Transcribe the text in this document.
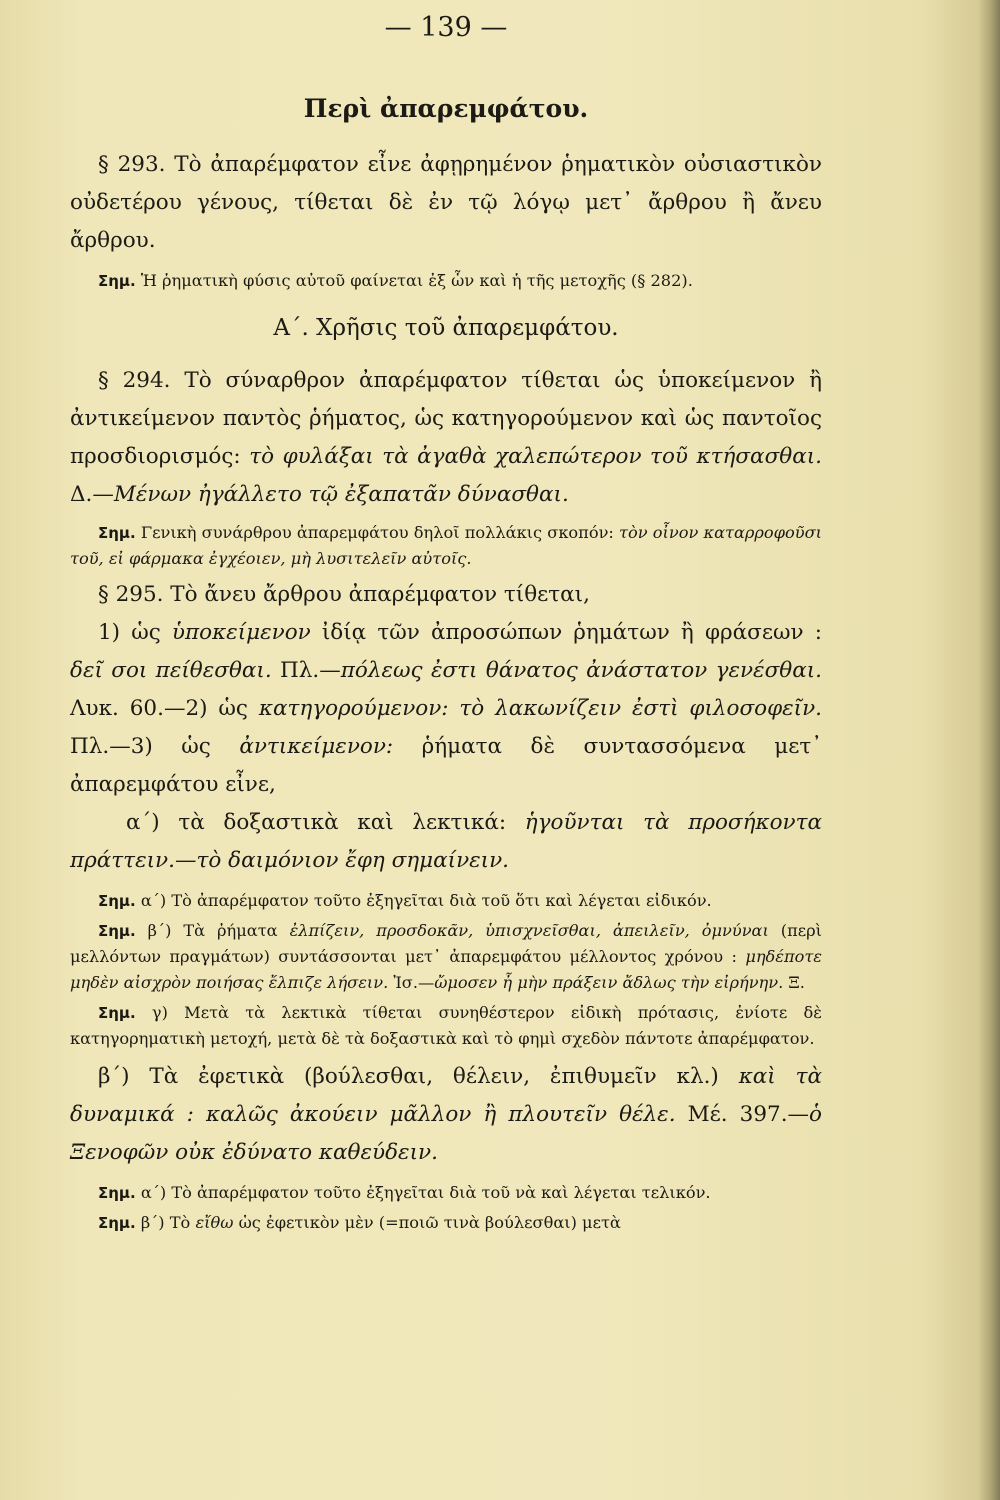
— 139 —
Περὶ ἀπαρεμφάτου.

§ 293. Τὸ ἀπαρέμφατον εἶνε ἀφῃρημένον ῥηματικὸν οὐσιαστικὸν οὐδετέρου γένους, τίθεται δὲ ἐν τῷ λόγῳ μετ᾿ ἄρθρου ἢ ἄνευ ἄρθρου.

Σημ. Ἡ ῥηματικὴ φύσις αὐτοῦ φαίνεται ἐξ ὧν καὶ ἡ τῆς μετοχῆς (§ 282).

Α΄. Χρῆσις τοῦ ἀπαρεμφάτου.

§ 294. Τὸ σύναρθρον ἀπαρέμφατον τίθεται ὡς ὑποκείμενον ἢ ἀντικείμενον παντὸς ῥήματος, ὡς κατηγορούμενον καὶ ὡς παντοῖος προσδιορισμός: τὸ φυλάξαι τὰ ἀγαθὰ χαλεπώτερον τοῦ κτήσασθαι. Δ.—Μένων ἠγάλλετο τῷ ἐξαπατᾶν δύνασθαι.

Σημ. Γενικὴ συνάρθρου ἀπαρεμφάτου δηλοῖ πολλάκις σκοπόν: τὸν οἶνον καταρροφοῦσι τοῦ, εἰ φάρμακα ἐγχέοιεν, μὴ λυσιτελεῖν αὐτοῖς.

§ 295. Τὸ ἄνευ ἄρθρου ἀπαρέμφατον τίθεται,

1) ὡς ὑποκείμενον ἰδίᾳ τῶν ἀπροσώπων ῥημάτων ἢ φράσεων : δεῖ σοι πείθεσθαι. Πλ.—πόλεως ἐστι θάνατος ἀνάστατον γενέσθαι. Λυκ. 60.—2) ὡς κατηγορούμενον: τὸ λακωνίζειν ἐστὶ φιλοσοφεῖν. Πλ.—3) ὡς ἀντικείμενον: ῥήματα δὲ συντασσόμενα μετ᾿ ἀπαρεμφάτου εἶνε,

α΄) τὰ δοξαστικὰ καὶ λεκτικά: ἡγοῦνται τὰ προσήκοντα πράττειν.—τὸ δαιμόνιον ἔφη σημαίνειν.

Σημ. α΄) Τὸ ἀπαρέμφατον τοῦτο ἐξηγεῖται διὰ τοῦ ὅτι καὶ λέγεται εἰδικόν.

Σημ. β΄) Τὰ ῥήματα ἐλπίζειν, προσδοκᾶν, ὑπισχνεῖσθαι, ἀπειλεῖν, ὀμνύναι (περὶ μελλόντων πραγμάτων) συντάσσονται μετ᾿ ἀπαρεμφάτου μέλλοντος χρόνου : μηδέποτε μηδὲν αἰσχρὸν ποιήσας ἔλπιζε λήσειν. Ἰσ.—ὤμοσεν ἦ μὴν πράξειν ἄδλως τὴν εἰρήνην. Ξ.

Σημ. γ) Μετὰ τὰ λεκτικὰ τίθεται συνηθέστερον εἰδικὴ πρότασις, ἐνίοτε δὲ κατηγορηματικὴ μετοχή, μετὰ δὲ τὰ δοξαστικὰ καὶ τὸ φημὶ σχεδὸν πάντοτε ἀπαρέμφατον.

β΄) Τὰ ἐφετικὰ (βούλεσθαι, θέλειν, ἐπιθυμεῖν κλ.) καὶ τὰ δυναμικά : καλῶς ἀκούειν μᾶλλον ἢ πλουτεῖν θέλε. Μέ. 397.—ὁ Ξενοφῶν οὐκ ἐδύνατο καθεύδειν.

Σημ. α΄) Τὸ ἀπαρέμφατον τοῦτο ἐξηγεῖται διὰ τοῦ νὰ καὶ λέγεται τελικόν.

Σημ. β΄) Τὸ εἴθω ὡς ἐφετικὸν μὲν (=ποιῶ τινὰ βούλεσθαι) μετὰ
